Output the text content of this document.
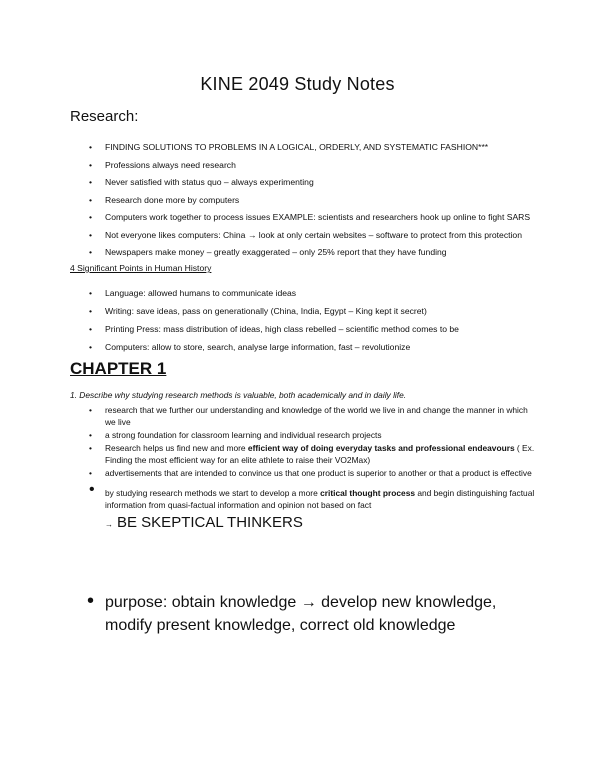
KINE 2049 Study Notes
Research:
• FINDING SOLUTIONS TO PROBLEMS IN A LOGICAL, ORDERLY, AND SYSTEMATIC FASHION***
• Professions always need research
• Never satisfied with status quo – always experimenting
• Research done more by computers
• Computers work together to process issues EXAMPLE: scientists and researchers hook up online to fight SARS
• Not everyone likes computers: China → look at only certain websites – software to protect from this protection
• Newspapers make money – greatly exaggerated – only 25% report that they have funding
4 Significant Points in Human History
• Language: allowed humans to communicate ideas
• Writing: save ideas, pass on generationally (China, India, Egypt – King kept it secret)
• Printing Press: mass distribution of ideas, high class rebelled – scientific method comes to be
• Computers: allow to store, search, analyse large information, fast – revolutionize
CHAPTER 1
1. Describe why studying research methods is valuable, both academically and in daily life.
• research that we further our understanding and knowledge of the world we live in and change the manner in which we live
• a strong foundation for classroom learning and individual research projects
• Research helps us find new and more efficient way of doing everyday tasks and professional endeavours ( Ex. Finding the most efficient way for an elite athlete to raise their VO2Max)
• advertisements that are intended to convince us that one product is superior to another or that a product is effective
• by studying research methods we start to develop a more critical thought process and begin distinguishing factual information from quasi-factual information and opinion not based on fact
→ BE SKEPTICAL THINKERS
• purpose: obtain knowledge → develop new knowledge, modify present knowledge, correct old knowledge
